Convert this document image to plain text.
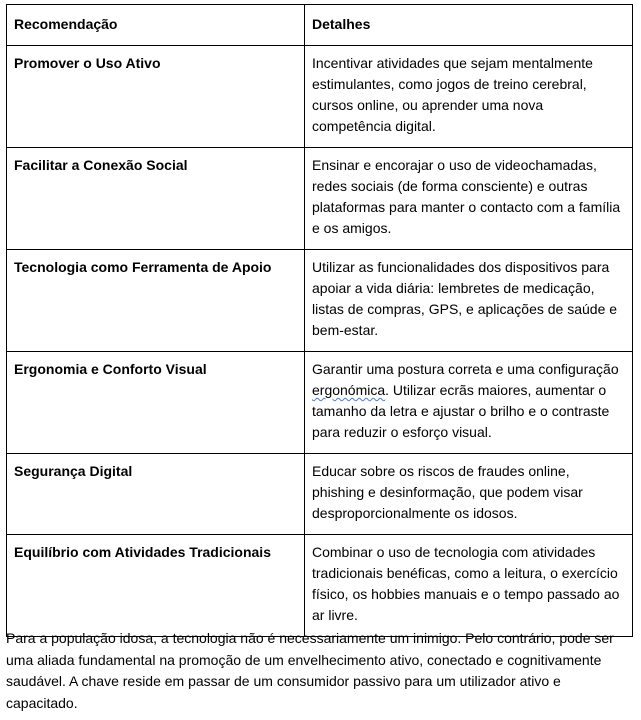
Recomendação	Detalhes
Promover o Uso Ativo	Incentivar atividades que sejam mentalmente estimulantes, como jogos de treino cerebral, cursos online, ou aprender uma nova competência digital.
Facilitar a Conexão Social	Ensinar e encorajar o uso de videochamadas, redes sociais (de forma consciente) e outras plataformas para manter o contacto com a família e os amigos.
Tecnologia como Ferramenta de Apoio	Utilizar as funcionalidades dos dispositivos para apoiar a vida diária: lembretes de medicação, listas de compras, GPS, e aplicações de saúde e bem-estar.
Ergonomia e Conforto Visual	Garantir uma postura correta e uma configuração ergonómica. Utilizar ecrãs maiores, aumentar o tamanho da letra e ajustar o brilho e o contraste para reduzir o esforço visual.
Segurança Digital	Educar sobre os riscos de fraudes online, phishing e desinformação, que podem visar desproporcionalmente os idosos.
Equilíbrio com Atividades Tradicionais	Combinar o uso de tecnologia com atividades tradicionais benéficas, como a leitura, o exercício físico, os hobbies manuais e o tempo passado ao ar livre.

Para a população idosa, a tecnologia não é necessariamente um inimigo. Pelo contrário, pode ser uma aliada fundamental na promoção de um envelhecimento ativo, conectado e cognitivamente saudável. A chave reside em passar de um consumidor passivo para um utilizador ativo e capacitado.
